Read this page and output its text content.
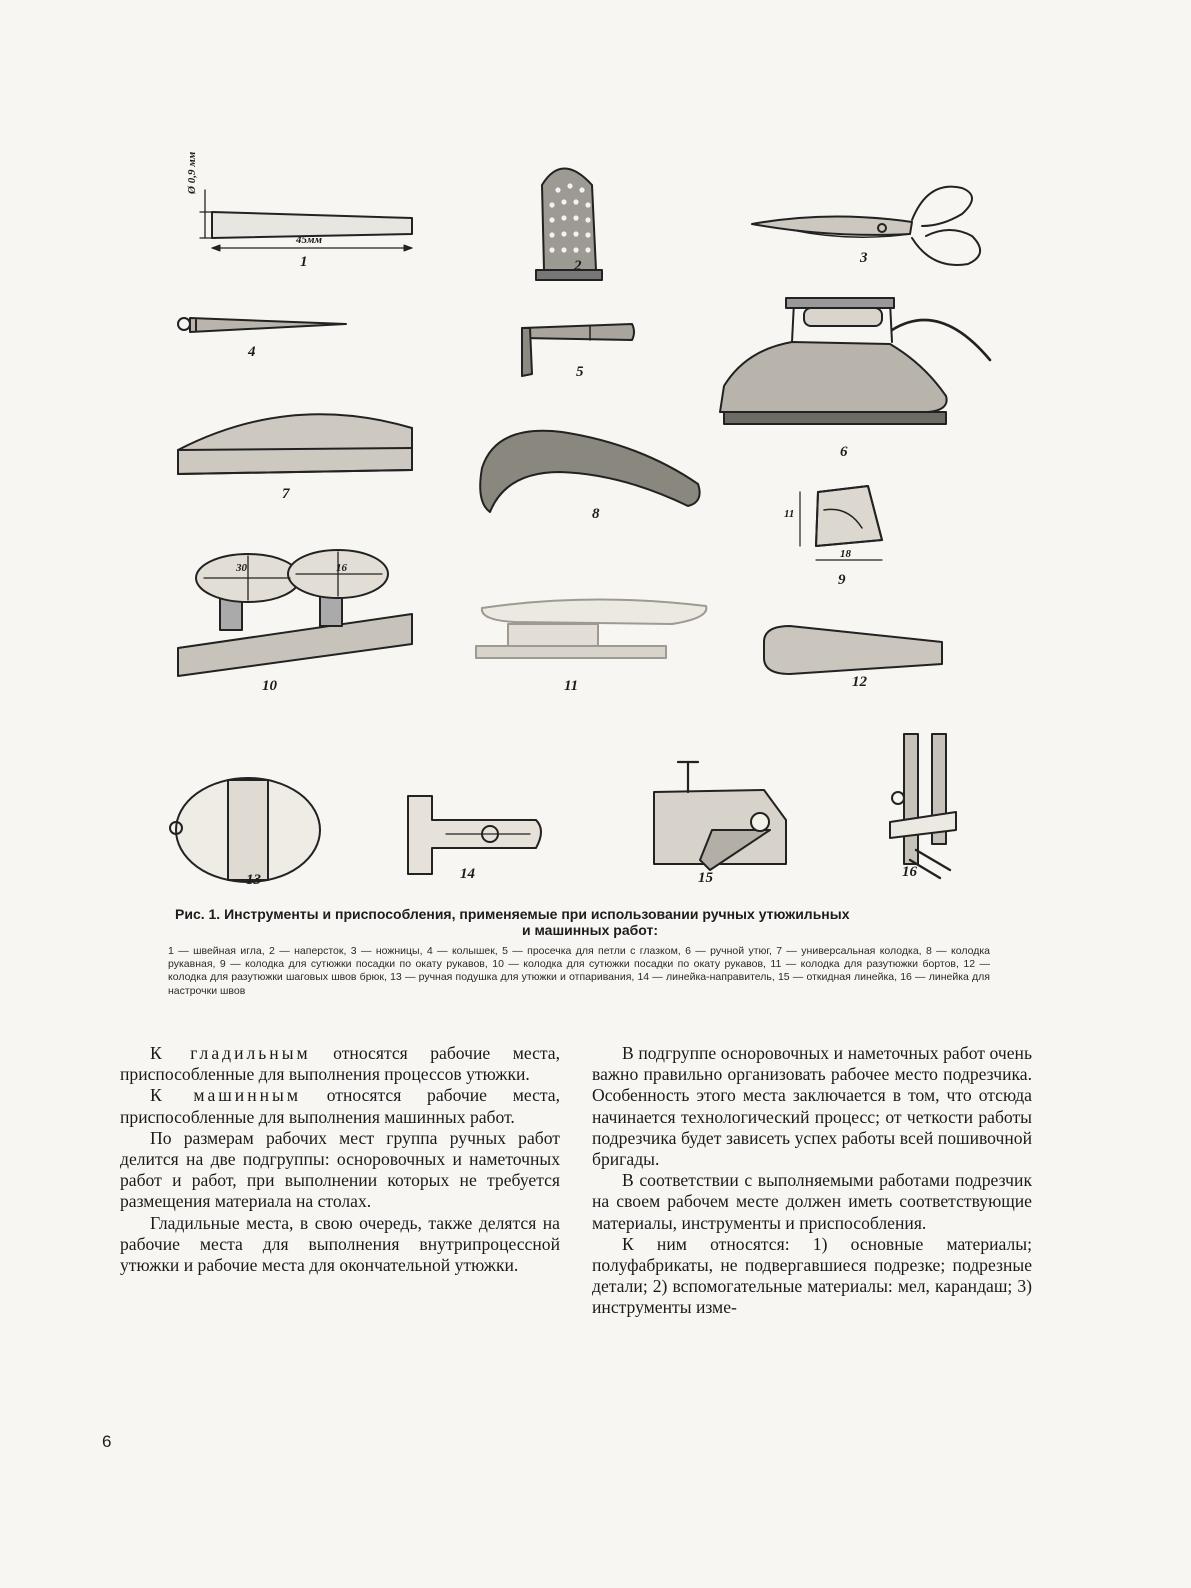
Ø 0,9 мм
45мм
11
18
30	16
1	2	3
4
5
6
7
8
9
10	11	12
13	14	15	16
Рис. 1. Инструменты и приспособления, применяемые при использовании ручных утюжильных
и машинных работ:
1 — швейная игла, 2 — наперсток, 3 — ножницы, 4 — колышек, 5 — просечка для петли с глазком, 6 — ручной утюг, 7 — универсальная колодка, 8 — колодка рукавная, 9 — колодка для сутюжки посадки по окату рукавов, 10 — колодка для сутюжки посадки по окату рукавов, 11 — колодка для разутюжки бортов, 12 — колодка для разутюжки шаговых швов брюк, 13 — ручная подушка для утюжки и отпаривания, 14 — линейка-направитель, 15 — откидная линейка, 16 — линейка для настрочки швов

К гладильным относятся рабочие места, приспособленные для выполнения процессов утюжки.

К машинным относятся рабочие места, приспособленные для выполнения машинных работ.

По размерам рабочих мест группа ручных работ делится на две подгруппы: осноровочных и наметочных работ и работ, при выполнении которых не требуется размещения материала на столах.

Гладильные места, в свою очередь, также делятся на рабочие места для выполнения внутрипроцессной утюжки и рабочие места для окончательной утюжки.

В подгруппе осноровочных и наметочных работ очень важно правильно организовать рабочее место подрезчика. Особенность этого места заключается в том, что отсюда начинается технологический процесс; от четкости работы подрезчика будет зависеть успех работы всей пошивочной бригады.

В соответствии с выполняемыми работами подрезчик на своем рабочем месте должен иметь соответствующие материалы, инструменты и приспособления.

К ним относятся: 1) основные материалы; полуфабрикаты, не подвергавшиеся подрезке; подрезные детали; 2) вспомогательные материалы: мел, карандаш; 3) инструменты изме-

6
